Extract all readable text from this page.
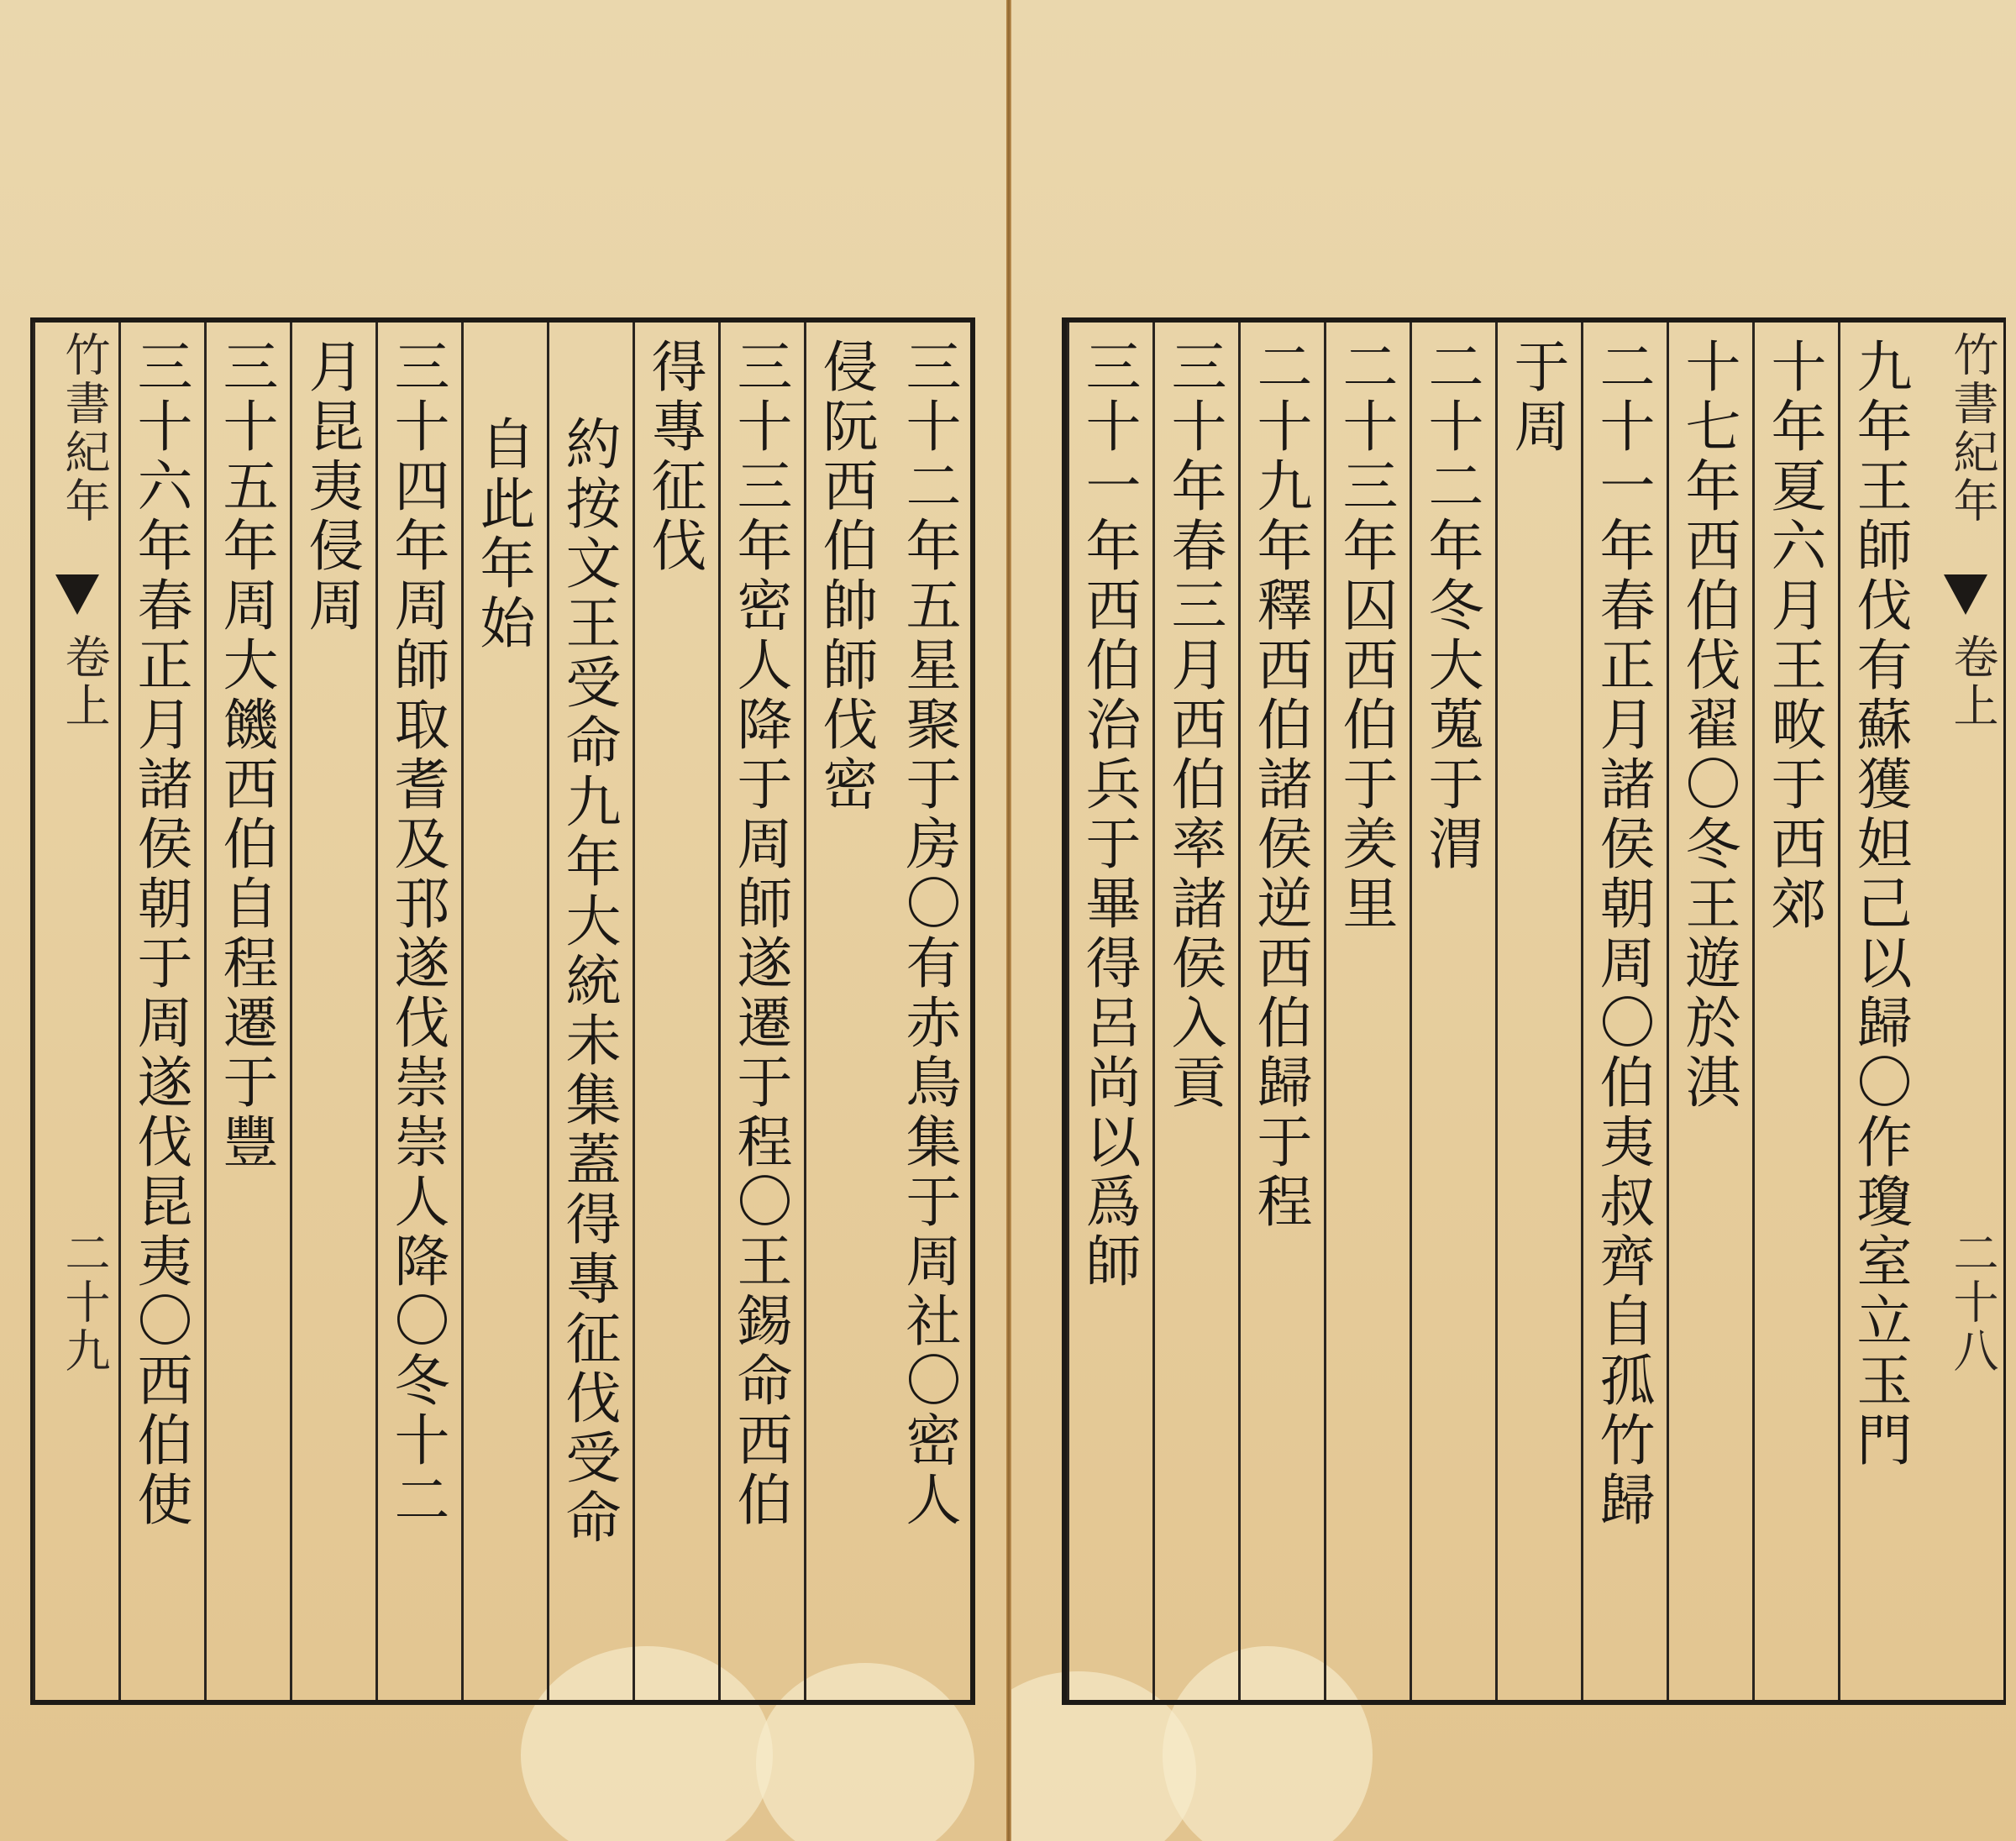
三十二年五星聚于房〇有赤鳥集于周社〇密人
侵阮西伯帥師伐密
三十三年密人降于周師遂遷于程〇王錫命西伯
得專征伐
約按文王受命九年大統未集蓋得專征伐受命
自此年始
三十四年周師取耆及邘遂伐崇崇人降〇冬十二
月昆夷侵周
三十五年周大饑西伯自程遷于豐
三十六年春正月諸侯朝于周遂伐昆夷〇西伯使
竹書紀年
卷上
二十九
竹書紀年
卷上
二十八
九年王師伐有蘇獲妲己以歸〇作瓊室立玉門
十年夏六月王畋于西郊
十七年西伯伐翟〇冬王遊於淇
二十一年春正月諸侯朝周〇伯夷叔齊自孤竹歸
于周
二十二年冬大蒐于渭
二十三年囚西伯于羑里
二十九年釋西伯諸侯逆西伯歸于程
三十年春三月西伯率諸侯入貢
三十一年西伯治兵于畢得呂尚以爲師
